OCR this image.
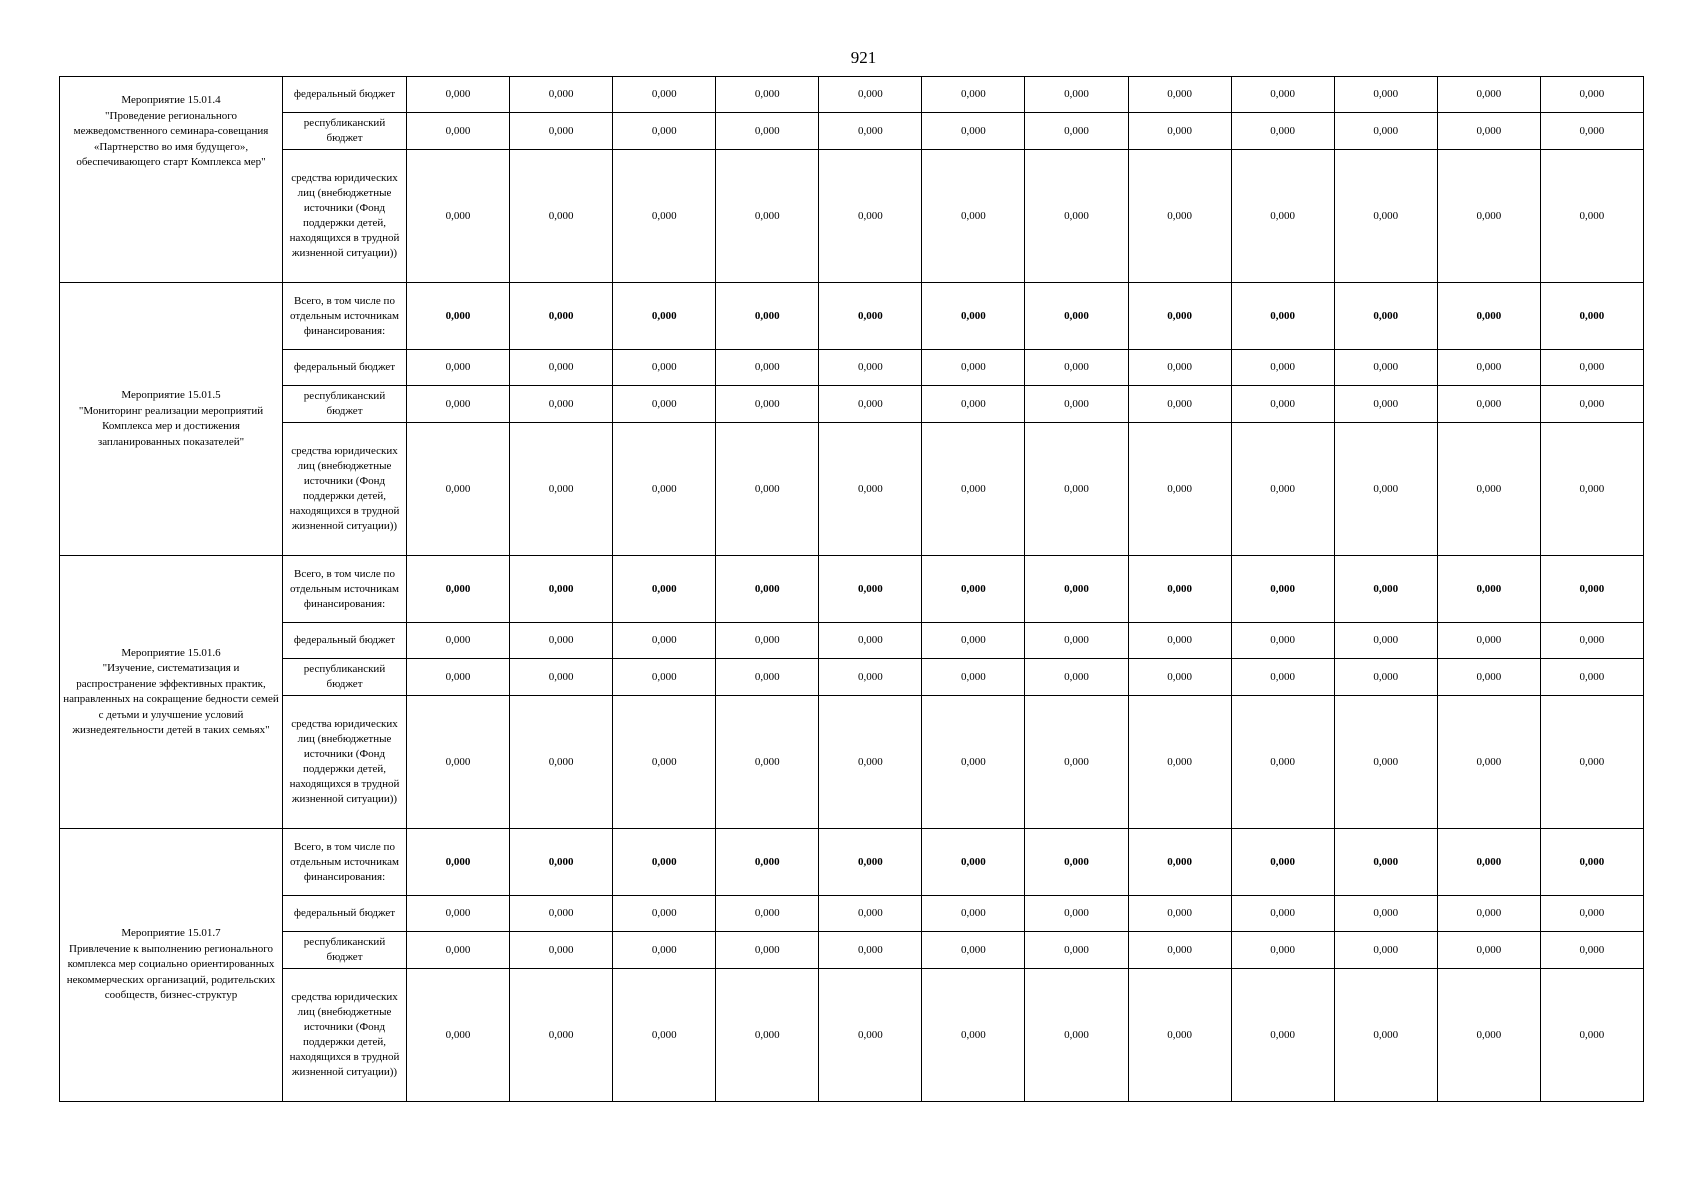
921
Мероприятие 15.01.4
"Проведение регионального межведомственного семинара-совещания «Партнерство во имя будущего», обеспечивающего старт Комплекса мер"	федеральный бюджет	0,000	0,000	0,000	0,000	0,000	0,000	0,000	0,000	0,000	0,000	0,000	0,000
	республиканский бюджет	0,000	0,000	0,000	0,000	0,000	0,000	0,000	0,000	0,000	0,000	0,000	0,000
	средства юридических лиц (внебюджетные источники (Фонд поддержки детей, находящихся в трудной жизненной ситуации))	0,000	0,000	0,000	0,000	0,000	0,000	0,000	0,000	0,000	0,000	0,000	0,000

Мероприятие 15.01.5
"Мониторинг реализации мероприятий Комплекса мер и достижения запланированных показателей"	Всего, в том числе по отдельным источникам финансирования:	0,000	0,000	0,000	0,000	0,000	0,000	0,000	0,000	0,000	0,000	0,000	0,000
	федеральный бюджет	0,000	0,000	0,000	0,000	0,000	0,000	0,000	0,000	0,000	0,000	0,000	0,000
	республиканский бюджет	0,000	0,000	0,000	0,000	0,000	0,000	0,000	0,000	0,000	0,000	0,000	0,000
	средства юридических лиц (внебюджетные источники (Фонд поддержки детей, находящихся в трудной жизненной ситуации))	0,000	0,000	0,000	0,000	0,000	0,000	0,000	0,000	0,000	0,000	0,000	0,000

Мероприятие 15.01.6
"Изучение, систематизация и распространение эффективных практик, направленных на сокращение бедности семей с детьми и улучшение условий жизнедеятельности детей в таких семьях"	Всего, в том числе по отдельным источникам финансирования:	0,000	0,000	0,000	0,000	0,000	0,000	0,000	0,000	0,000	0,000	0,000	0,000
	федеральный бюджет	0,000	0,000	0,000	0,000	0,000	0,000	0,000	0,000	0,000	0,000	0,000	0,000
	республиканский бюджет	0,000	0,000	0,000	0,000	0,000	0,000	0,000	0,000	0,000	0,000	0,000	0,000
	средства юридических лиц (внебюджетные источники (Фонд поддержки детей, находящихся в трудной жизненной ситуации))	0,000	0,000	0,000	0,000	0,000	0,000	0,000	0,000	0,000	0,000	0,000	0,000

Мероприятие 15.01.7
Привлечение к выполнению регионального комплекса мер социально ориентированных некоммерческих организаций, родительских сообществ, бизнес-структур	Всего, в том числе по отдельным источникам финансирования:	0,000	0,000	0,000	0,000	0,000	0,000	0,000	0,000	0,000	0,000	0,000	0,000
	федеральный бюджет	0,000	0,000	0,000	0,000	0,000	0,000	0,000	0,000	0,000	0,000	0,000	0,000
	республиканский бюджет	0,000	0,000	0,000	0,000	0,000	0,000	0,000	0,000	0,000	0,000	0,000	0,000
	средства юридических лиц (внебюджетные источники (Фонд поддержки детей, находящихся в трудной жизненной ситуации))	0,000	0,000	0,000	0,000	0,000	0,000	0,000	0,000	0,000	0,000	0,000	0,000
